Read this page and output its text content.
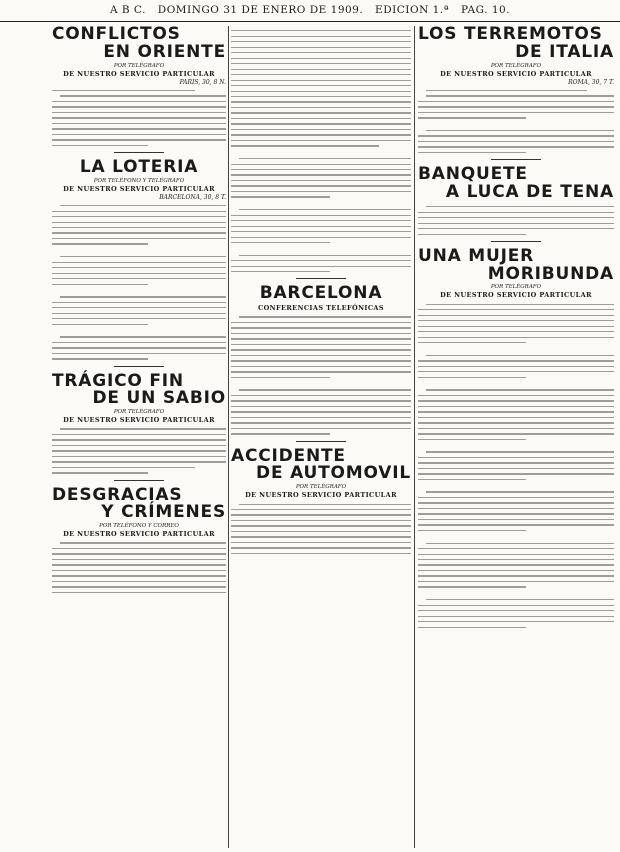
A B C. DOMINGO 31 DE ENERO DE 1909. EDICION 1.ª PAG. 10.
CONFLICTOS
EN ORIENTE
POR TELÉGRAFO
DE NUESTRO SERVICIO PARTICULAR
PARIS, 30, 8 N.
LA LOTERIA
POR TELÉFONO Y TELÉGRAFO
DE NUESTRO SERVICIO PARTICULAR
BARCELONA, 30, 8 T.
TRÁGICO FIN
DE UN SABIO
POR TELÉGRAFO
DE NUESTRO SERVICIO PARTICULAR
DESGRACIAS
Y CRÍMENES
POR TELÉFONO Y CORREO
DE NUESTRO SERVICIO PARTICULAR
BARCELONA
CONFERENCIAS TELEFÓNICAS
ACCIDENTE
DE AUTOMOVIL
POR TELÉGRAFO
DE NUESTRO SERVICIO PARTICULAR
LOS TERREMOTOS
DE ITALIA
POR TELÉGRAFO
DE NUESTRO SERVICIO PARTICULAR
ROMA, 30, 7 T.
BANQUETE
A LUCA DE TENA
UNA MUJER
MORIBUNDA
POR TELÉGRAFO
DE NUESTRO SERVICIO PARTICULAR
